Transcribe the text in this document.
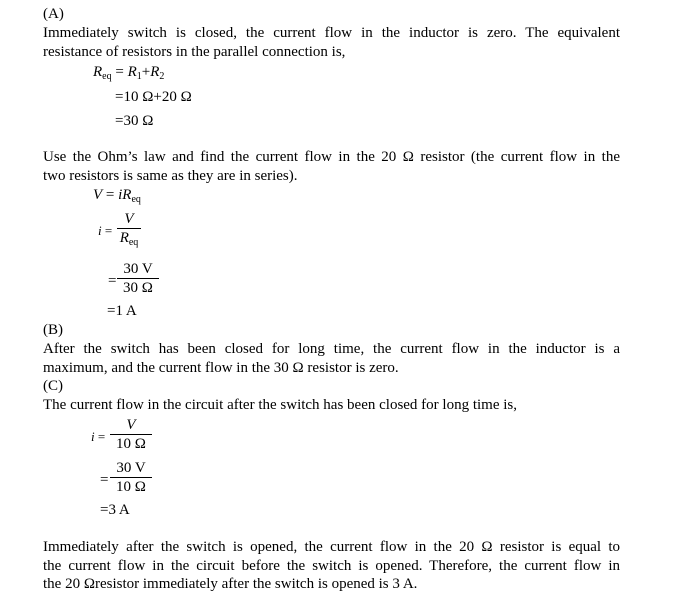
(A)
Immediately switch is closed, the current flow in the inductor is zero. The equivalent
resistance of resistors in the parallel connection is,
$R_{eq} = R_1+R_2$
=10 Ω+20 Ω
=30 Ω
Use the Ohm’s law and find the current flow in the 20 Ω resistor (the current flow in the
two resistors is same as they are in series).
$V = iR_{eq}$
i =
V
$R_{eq}$
=
30 V
30 Ω
=1 A
(B)
After the switch has been closed for long time, the current flow in the inductor is a
maximum, and the current flow in the 30 Ω resistor is zero.
(C)
The current flow in the circuit after the switch has been closed for long time is,
i =
V
10 Ω
=
30 V
10 Ω
=3 A
Immediately after the switch is opened, the current flow in the 20 Ω resistor is equal to
the current flow in the circuit before the switch is opened. Therefore, the current flow in
the 20 Ωresistor immediately after the switch is opened is 3 A.
